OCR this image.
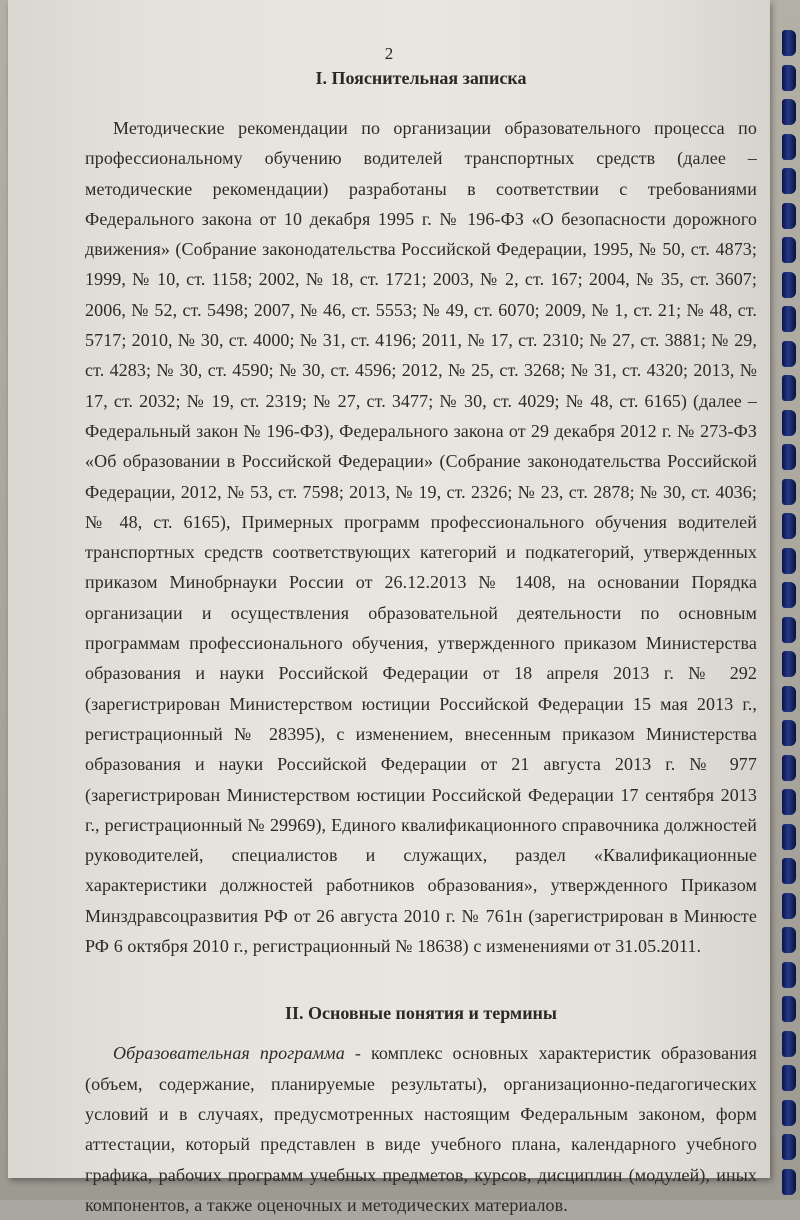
2
I. Пояснительная записка

Методические рекомендации по организации образовательного процесса по профессиональному обучению водителей транспортных средств (далее – методические рекомендации) разработаны в соответствии с требованиями Федерального закона от 10 декабря 1995 г. № 196-ФЗ «О безопасности дорожного движения» (Собрание законодательства Российской Федерации, 1995, № 50, ст. 4873; 1999, № 10, ст. 1158; 2002, № 18, ст. 1721; 2003, № 2, ст. 167; 2004, № 35, ст. 3607; 2006, № 52, ст. 5498; 2007, № 46, ст. 5553; № 49, ст. 6070; 2009, № 1, ст. 21; № 48, ст. 5717; 2010, № 30, ст. 4000; № 31, ст. 4196; 2011, № 17, ст. 2310; № 27, ст. 3881; № 29, ст. 4283; № 30, ст. 4590; № 30, ст. 4596; 2012, № 25, ст. 3268; № 31, ст. 4320; 2013, № 17, ст. 2032; № 19, ст. 2319; № 27, ст. 3477; № 30, ст. 4029; № 48, ст. 6165) (далее – Федеральный закон № 196-ФЗ), Федерального закона от 29 декабря 2012 г. № 273-ФЗ «Об образовании в Российской Федерации» (Собрание законодательства Российской Федерации, 2012, № 53, ст. 7598; 2013, № 19, ст. 2326; № 23, ст. 2878; № 30, ст. 4036; № 48, ст. 6165), Примерных программ профессионального обучения водителей транспортных средств соответствующих категорий и подкатегорий, утвержденных приказом Минобрнауки России от 26.12.2013 № 1408, на основании Порядка организации и осуществления образовательной деятельности по основным программам профессионального обучения, утвержденного приказом Министерства образования и науки Российской Федерации от 18 апреля 2013 г. № 292 (зарегистрирован Министерством юстиции Российской Федерации 15 мая 2013 г., регистрационный № 28395), с изменением, внесенным приказом Министерства образования и науки Российской Федерации от 21 августа 2013 г. № 977 (зарегистрирован Министерством юстиции Российской Федерации 17 сентября 2013 г., регистрационный № 29969), Единого квалификационного справочника должностей руководителей, специалистов и служащих, раздел «Квалификационные характеристики должностей работников образования», утвержденного Приказом Минздравсоцразвития РФ от 26 августа 2010 г. № 761н (зарегистрирован в Минюсте РФ 6 октября 2010 г., регистрационный № 18638) с изменениями от 31.05.2011.

II. Основные понятия и термины

Образовательная программа - комплекс основных характеристик образования (объем, содержание, планируемые результаты), организационно-педагогических условий и в случаях, предусмотренных настоящим Федеральным законом, форм аттестации, который представлен в виде учебного плана, календарного учебного графика, рабочих программ учебных предметов, курсов, дисциплин (модулей), иных компонентов, а также оценочных и методических материалов.
